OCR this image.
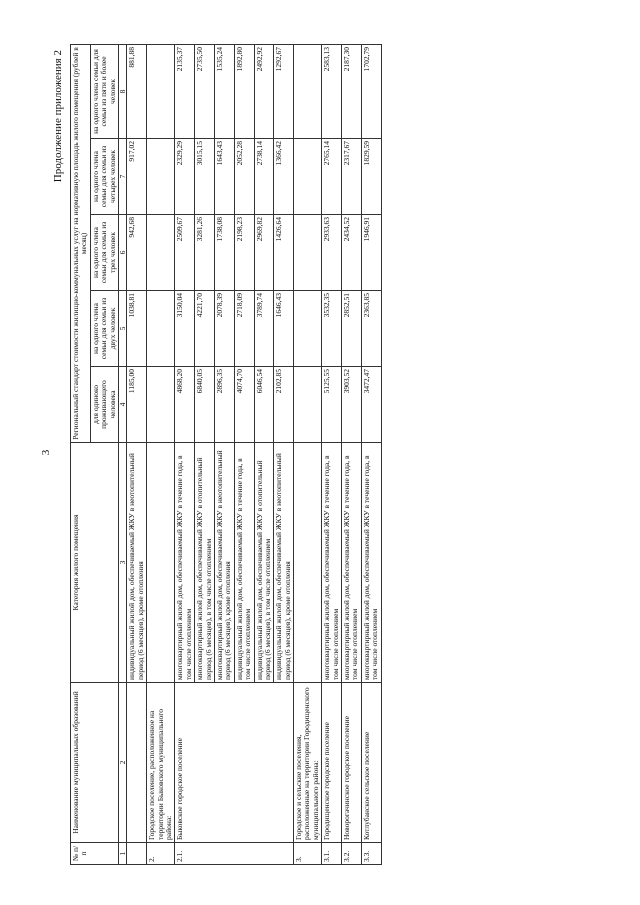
3
Продолжение приложения 2
№ п/п	Наименование муниципальных образований	Категория жилого помещения	Региональный стандарт стоимости жилищно-коммунальных услуг на нормативную площадь жилого помещения (рублей в месяц)				
			для одиноко проживающего человека	на одного члена семьи для семьи из двух человек	на одного члена семьи для семьи из трех человек	на одного члена семьи для семьи из четырех человек	на одного члена семьи для семьи из пяти и более человек
1	2	3	4	5	6	7	8
		индивидуальный жилой дом, обеспечиваемый ЖКУ в неотопительный период (6 месяцев), кроме отопления	1185,00	1038,81	942,68	917,02	881,88
2.	Городское поселение, расположенное на территории Быковского муниципального района:						
2.1.	Быковское городское поселение	многоквартирный жилой дом, обеспечиваемый ЖКУ в течение года, в том числе отоплением	4868,20	3150,04	2509,67	2329,29	2135,37
		многоквартирный жилой дом, обеспечиваемый ЖКУ в отопительный период (6 месяцев), в том числе отоплением	6840,05	4221,70	3281,26	3015,15	2735,50
		многоквартирный жилой дом, обеспечиваемый ЖКУ в неотопительный период (6 месяцев), кроме отопления	2896,35	2078,39	1738,08	1643,43	1535,24
		индивидуальный жилой дом, обеспечиваемый ЖКУ в течение года, в том числе отоплением	4074,70	2718,09	2198,23	2052,28	1892,80
		индивидуальный жилой дом, обеспечиваемый ЖКУ в отопительный период (6 месяцев), в том числе отоплением	6046,54	3789,74	2969,82	2738,14	2492,92
		индивидуальный жилой дом, обеспечиваемый ЖКУ в неотопительный период (6 месяцев), кроме отопления	2102,85	1646,43	1426,64	1366,42	1292,67
3.	Городское и сельские поселения, расположенные на территории Городищенского муниципального района:						
3.1.	Городищенское городское поселение	многоквартирный жилой дом, обеспечиваемый ЖКУ в течение года, в том числе отоплением	5125,55	3532,35	2933,63	2765,14	2583,13
3.2.	Новорогачинское городское поселение	многоквартирный жилой дом, обеспечиваемый ЖКУ в течение года, в том числе отоплением	3903,52	2852,51	2434,52	2317,67	2187,30
3.3.	Котлубанское сельское поселение	многоквартирный жилой дом, обеспечиваемый ЖКУ в течение года, в том числе отоплением	3472,47	2363,85	1946,91	1829,59	1702,79
